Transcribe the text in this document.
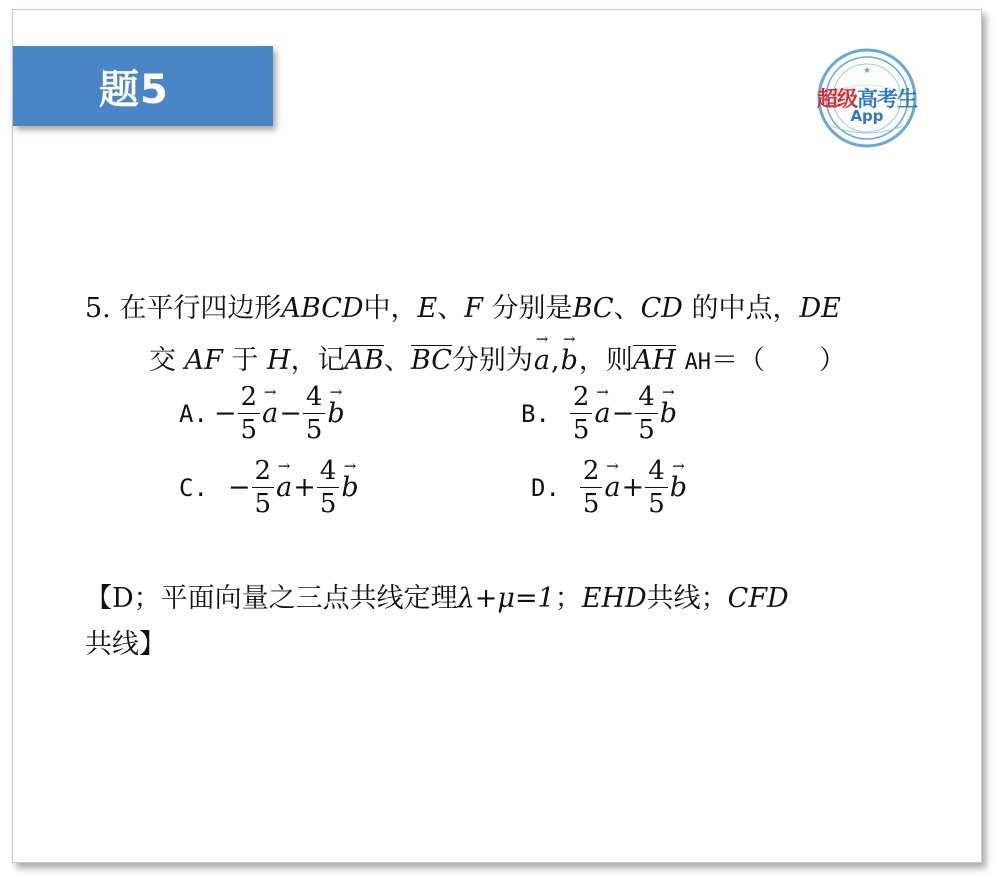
题5	★
超级高考生
App
5. 在平行四边形ABCD中，E、F 分别是BC、CD 的中点，DE
交 AF 于 H，记AB、BC分别为→ a,→ b，则AH AH＝（　　）
A. − $\frac{2}{5}$
→ $a - \frac{4}{5}$
→ b	B. $\frac{2}{5}$
→ $a - \frac{4}{5}$
→ b
C. − $\frac{2}{5}$
→ $a + \frac{4}{5}$
→ b	D. $\frac{2}{5}$
→ $a + \frac{4}{5}$
→ b
【D；平面向量之三点共线定理λ+μ=1；EHD共线；CFD
共线】
